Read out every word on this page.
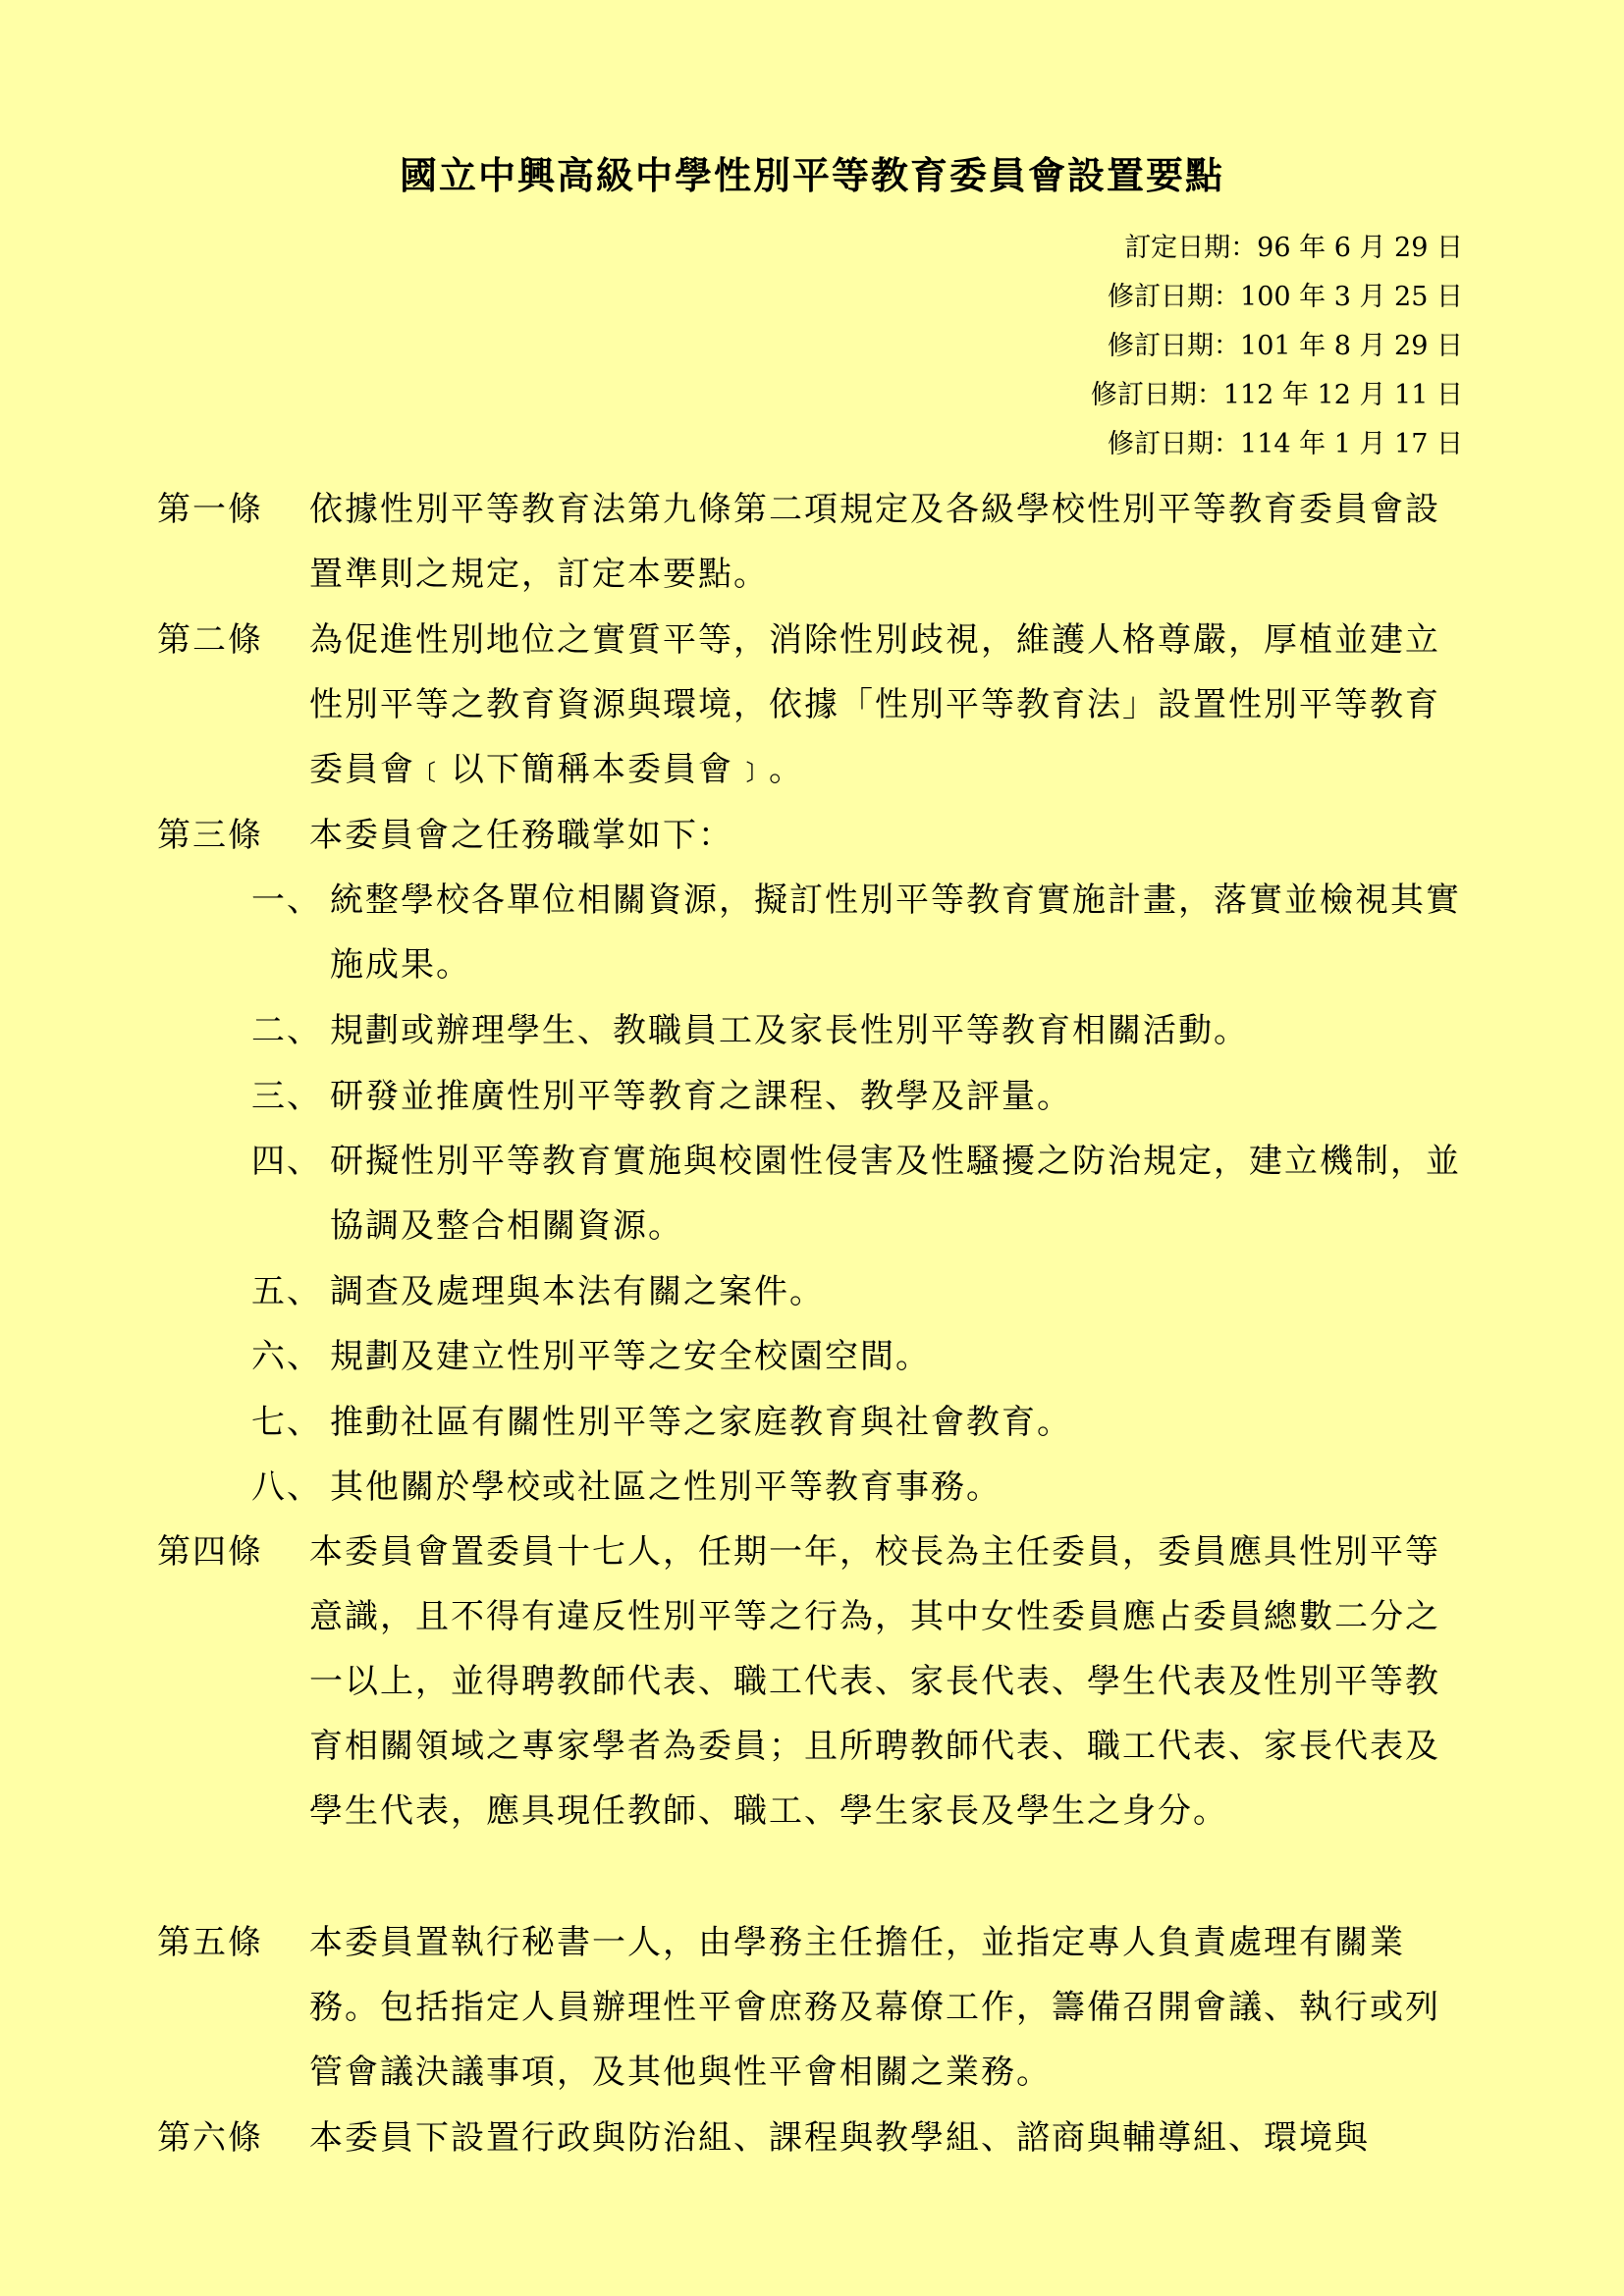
國立中興高級中學性別平等教育委員會設置要點
訂定日期：96 年 6 月 29 日
修訂日期：100 年 3 月 25 日
修訂日期：101 年 8 月 29 日
修訂日期：112 年 12 月 11 日
修訂日期：114 年 1 月 17 日
第一條 依據性別平等教育法第九條第二項規定及各級學校性別平等教育委員會設置準則之規定，訂定本要點。
第二條 為促進性別地位之實質平等，消除性別歧視，維護人格尊嚴，厚植並建立性別平等之教育資源與環境，依據「性別平等教育法」設置性別平等教育委員會﹝以下簡稱本委員會﹞。
第三條 本委員會之任務職掌如下：
一、 統整學校各單位相關資源，擬訂性別平等教育實施計畫，落實並檢視其實施成果。
二、 規劃或辦理學生、教職員工及家長性別平等教育相關活動。
三、 研發並推廣性別平等教育之課程、教學及評量。
四、 研擬性別平等教育實施與校園性侵害及性騷擾之防治規定，建立機制，並協調及整合相關資源。
五、 調查及處理與本法有關之案件。
六、 規劃及建立性別平等之安全校園空間。
七、 推動社區有關性別平等之家庭教育與社會教育。
八、 其他關於學校或社區之性別平等教育事務。
第四條 本委員會置委員十七人，任期一年，校長為主任委員，委員應具性別平等意識，且不得有違反性別平等之行為，其中女性委員應占委員總數二分之一以上，並得聘教師代表、職工代表、家長代表、學生代表及性別平等教育相關領域之專家學者為委員；且所聘教師代表、職工代表、家長代表及學生代表，應具現任教師、職工、學生家長及學生之身分。
第五條 本委員置執行秘書一人，由學務主任擔任，並指定專人負責處理有關業務。包括指定人員辦理性平會庶務及幕僚工作，籌備召開會議、執行或列管會議決議事項，及其他與性平會相關之業務。
第六條 本委員下設置行政與防治組、課程與教學組、諮商與輔導組、環境與
